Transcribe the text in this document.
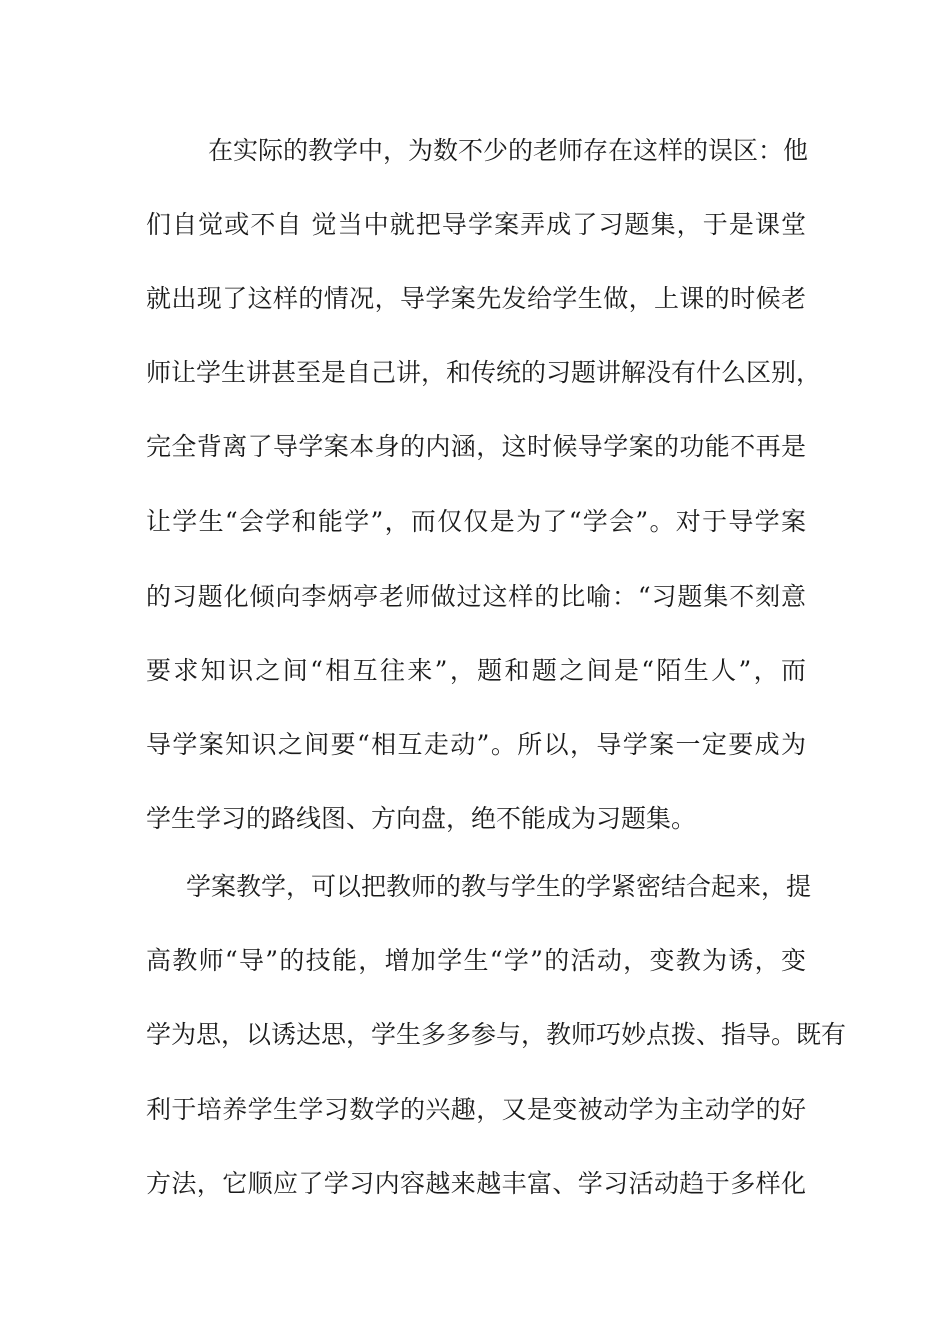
在实际的教学中，为数不少的老师存在这样的误区：他
们自觉或不自 觉当中就把导学案弄成了习题集，于是课堂
就出现了这样的情况，导学案先发给学生做，上课的时候老
师让学生讲甚至是自己讲，和传统的习题讲解没有什么区别，
完全背离了导学案本身的内涵，这时候导学案的功能不再是
让学生“会学和能学”，而仅仅是为了“学会”。对于导学案
的习题化倾向李炳亭老师做过这样的比喻：“习题集不刻意
要求知识之间“相互往来”，题和题之间是“陌生人”，而
导学案知识之间要“相互走动”。所以，导学案一定要成为
学生学习的路线图、方向盘，绝不能成为习题集。
学案教学，可以把教师的教与学生的学紧密结合起来，提
高教师“导”的技能，增加学生“学”的活动，变教为诱，变
学为思，以诱达思，学生多多参与，教师巧妙点拨、指导。既有
利于培养学生学习数学的兴趣，又是变被动学为主动学的好
方法，它顺应了学习内容越来越丰富、学习活动趋于多样化
